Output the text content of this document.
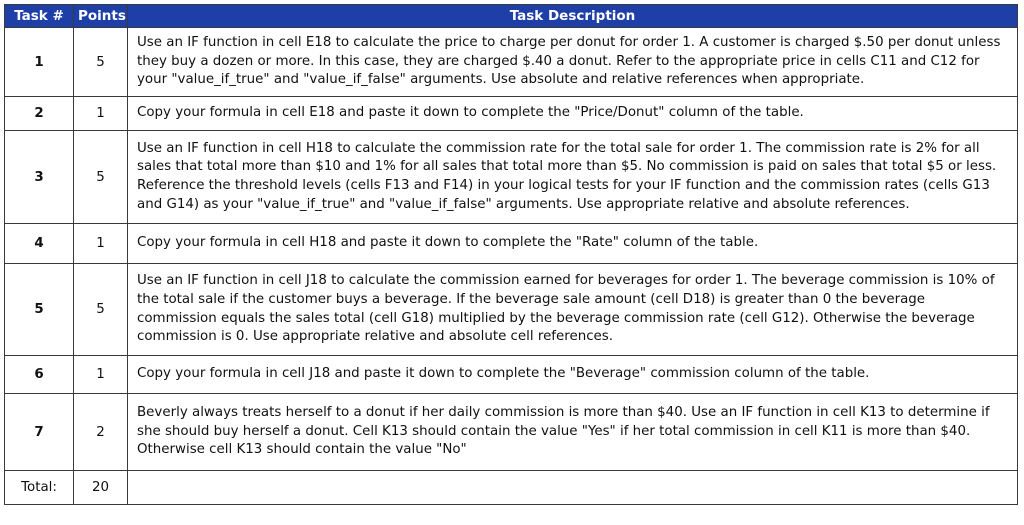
Task #	Points	Task Description
1	5	Use an IF function in cell E18 to calculate the price to charge per donut for order 1. A customer is charged $.50 per donut unless they buy a dozen or more. In this case, they are charged $.40 a donut. Refer to the appropriate price in cells C11 and C12 for your "value_if_true" and "value_if_false" arguments. Use absolute and relative references when appropriate.
2	1	Copy your formula in cell E18 and paste it down to complete the "Price/Donut" column of the table.
3	5	Use an IF function in cell H18 to calculate the commission rate for the total sale for order 1. The commission rate is 2% for all sales that total more than $10 and 1% for all sales that total more than $5. No commission is paid on sales that total $5 or less. Reference the threshold levels (cells F13 and F14) in your logical tests for your IF function and the commission rates (cells G13 and G14) as your "value_if_true" and "value_if_false" arguments. Use appropriate relative and absolute references.
4	1	Copy your formula in cell H18 and paste it down to complete the "Rate" column of the table.
5	5	Use an IF function in cell J18 to calculate the commission earned for beverages for order 1. The beverage commission is 10% of the total sale if the customer buys a beverage. If the beverage sale amount (cell D18) is greater than 0 the beverage commission equals the sales total (cell G18) multiplied by the beverage commission rate (cell G12). Otherwise the beverage commission is 0. Use appropriate relative and absolute cell references.
6	1	Copy your formula in cell J18 and paste it down to complete the "Beverage" commission column of the table.
7	2	Beverly always treats herself to a donut if her daily commission is more than $40. Use an IF function in cell K13 to determine if she should buy herself a donut. Cell K13 should contain the value "Yes" if her total commission in cell K11 is more than $40. Otherwise cell K13 should contain the value "No"
Total:	20	
